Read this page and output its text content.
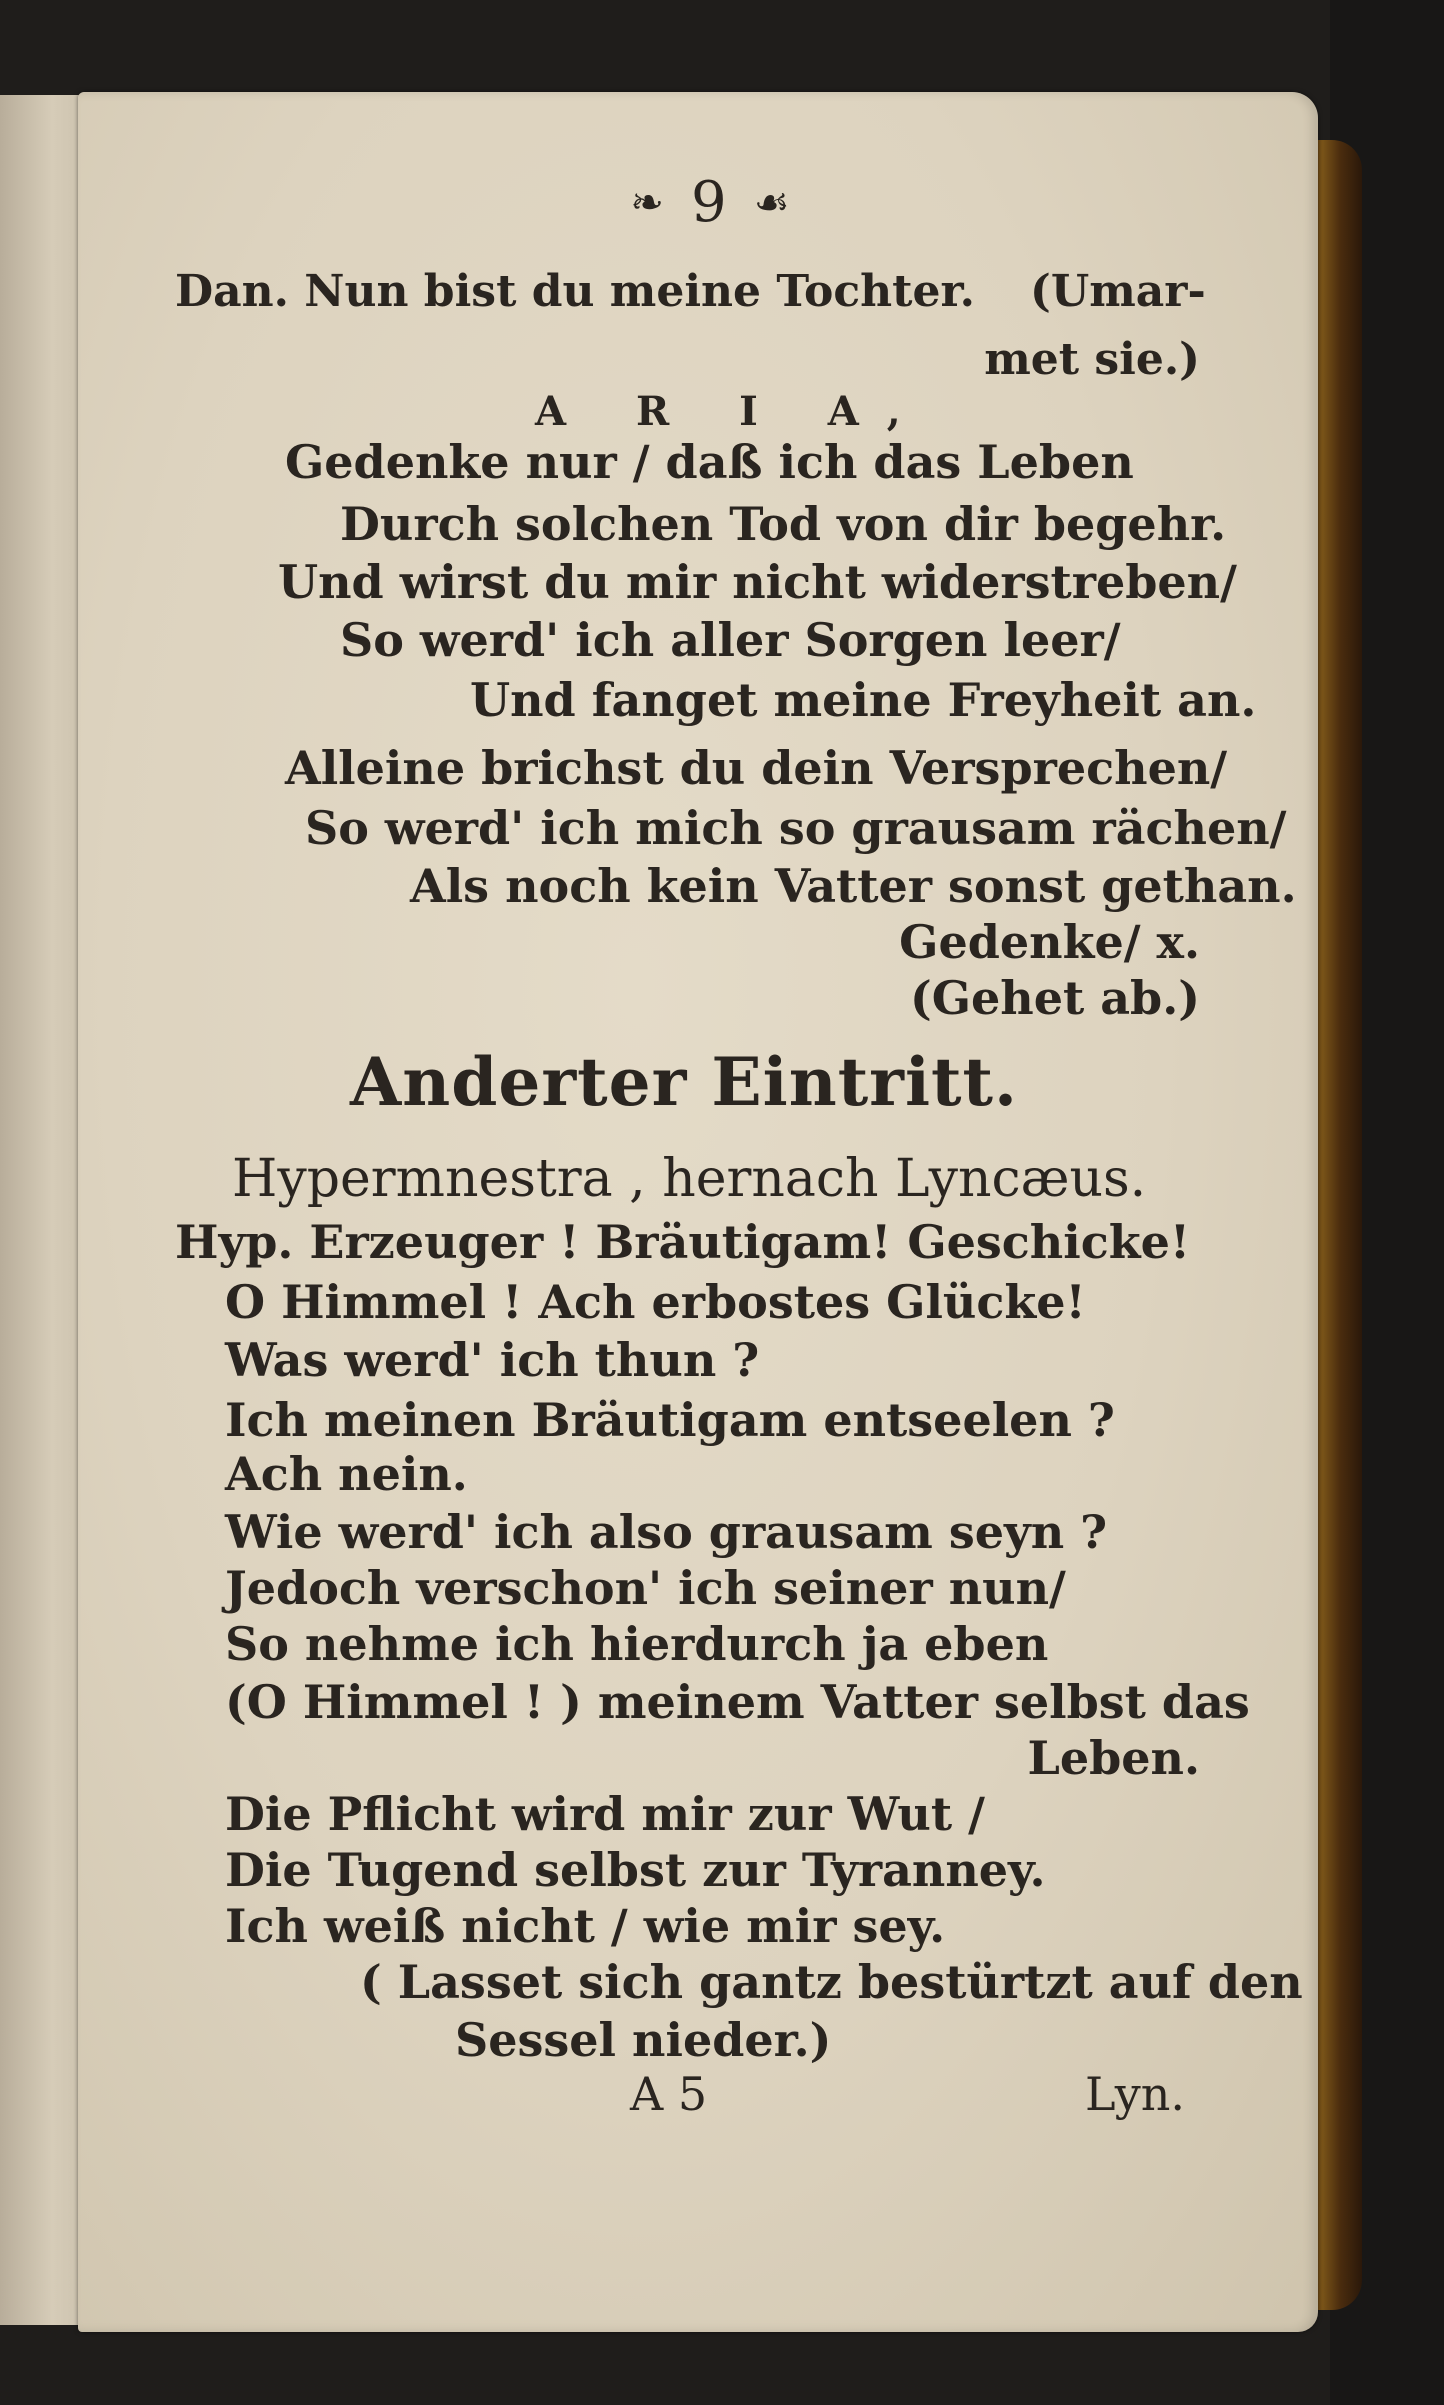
❧ 9 ☙
Dan. Nun bist du meine Tochter. (Umar-
met sie.)
A R I A,
Gedenke nur / daß ich das Leben
Durch solchen Tod von dir begehr.
Und wirst du mir nicht widerstreben/
So werd' ich aller Sorgen leer/
Und fanget meine Freyheit an.
Alleine brichst du dein Versprechen/
So werd' ich mich so grausam rächen/
Als noch kein Vatter sonst gethan.
Gedenke/ x.
(Gehet ab.)
Anderter Eintritt.
Hypermnestra , hernach Lyncæus.
Hyp. Erzeuger ! Bräutigam! Geschicke!
O Himmel ! Ach erbostes Glücke!
Was werd' ich thun ?
Ich meinen Bräutigam entseelen ?
Ach nein.
Wie werd' ich also grausam seyn ?
Jedoch verschon' ich seiner nun/
So nehme ich hierdurch ja eben
(O Himmel ! ) meinem Vatter selbst das
Leben.
Die Pflicht wird mir zur Wut /
Die Tugend selbst zur Tyranney.
Ich weiß nicht / wie mir sey.
( Lasset sich gantz bestürtzt auf den
Sessel nieder.)
A 5	Lyn.
